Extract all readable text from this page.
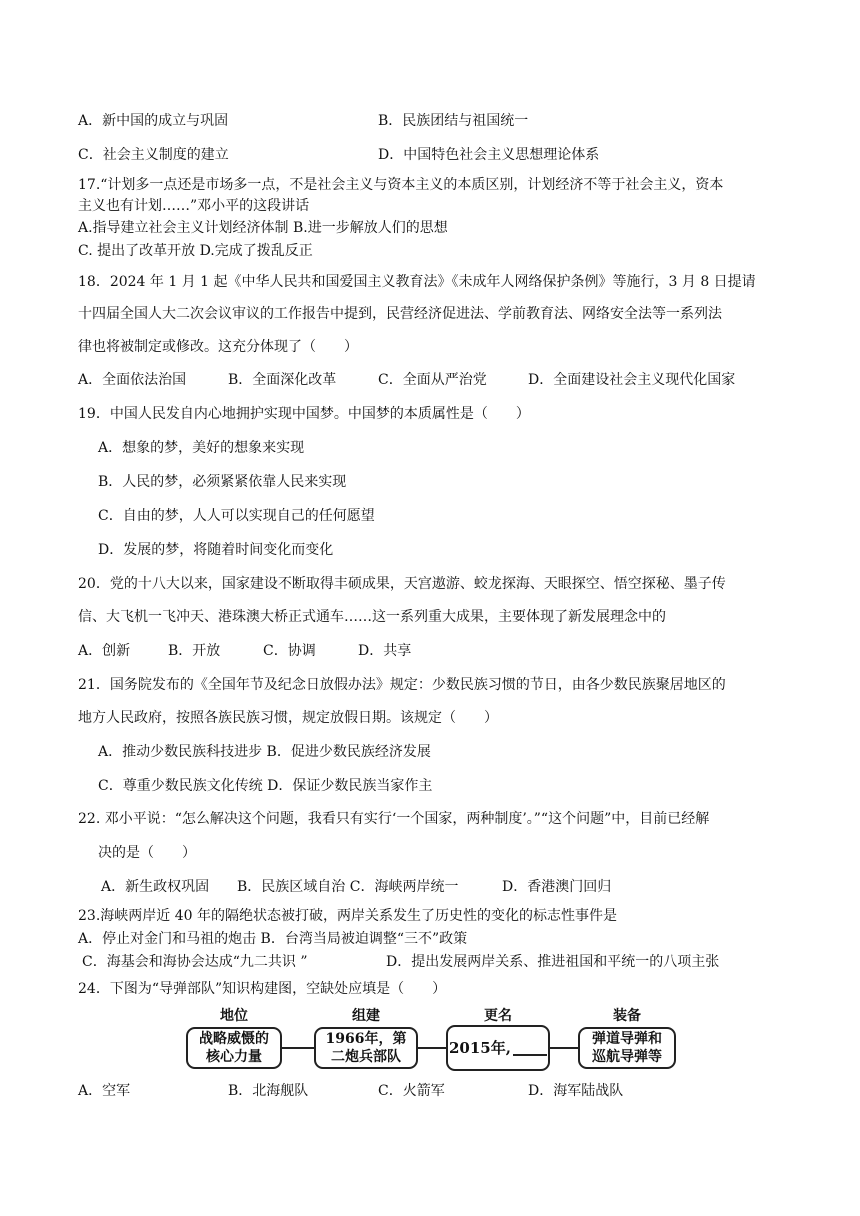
A．新中国的成立与巩固	B．民族团结与祖国统一
C．社会主义制度的建立	D．中国特色社会主义思想理论体系
17.“计划多一点还是市场多一点，不是社会主义与资本主义的本质区别，计划经济不等于社会主义，资本
主义也有计划……”邓小平的这段讲话
A.指导建立社会主义计划经济体制 B.进一步解放人们的思想
C. 提出了改革开放 D.完成了拨乱反正
18．2024 年 1 月 1 起《中华人民共和国爱国主义教育法》《未成年人网络保护条例》等施行，3 月 8 日提请
十四届全国人大二次会议审议的工作报告中提到，民营经济促进法、学前教育法、网络安全法等一系列法
律也将被制定或修改。这充分体现了（　　）
A．全面依法治国	B．全面深化改革	C．全面从严治党	D．全面建设社会主义现代化国家
19．中国人民发自内心地拥护实现中国梦。中国梦的本质属性是（　　）
A．想象的梦，美好的想象来实现
B．人民的梦，必须紧紧依靠人民来实现
C．自由的梦，人人可以实现自己的任何愿望
D．发展的梦，将随着时间变化而变化
20．党的十八大以来，国家建设不断取得丰硕成果，天宫遨游、蛟龙探海、天眼探空、悟空探秘、墨子传
信、大飞机一飞冲天、港珠澳大桥正式通车……这一系列重大成果，主要体现了新发展理念中的
A．创新	B．开放	C．协调	D．共享
21．国务院发布的《全国年节及纪念日放假办法》规定：少数民族习惯的节日，由各少数民族聚居地区的
地方人民政府，按照各族民族习惯，规定放假日期。该规定（　　）
A．推动少数民族科技进步 B．促进少数民族经济发展
C．尊重少数民族文化传统 D．保证少数民族当家作主
22. 邓小平说：“怎么解决这个问题，我看只有实行‘一个国家，两种制度’。”“这个问题”中，目前已经解
决的是（　　）
A．新生政权巩固 B．民族区域自治 C．海峡两岸统一	D．香港澳门回归
23.海峡两岸近 40 年的隔绝状态被打破，两岸关系发生了历史性的变化的标志性事件是
A．停止对金门和马祖的炮击 B．台湾当局被迫调整“三不”政策
C．海基会和海协会达成“九二共识 ”	D．提出发展两岸关系、推进祖国和平统一的八项主张
24．下图为“导弹部队”知识构建图，空缺处应填是（　　）
地位	组建	更名	装备
战略威慑的
核心力量
1966年，第
二炮兵部队	2015年,	弹道导弹和
巡航导弹等
A．空军	B．北海舰队	C．火箭军	D．海军陆战队
